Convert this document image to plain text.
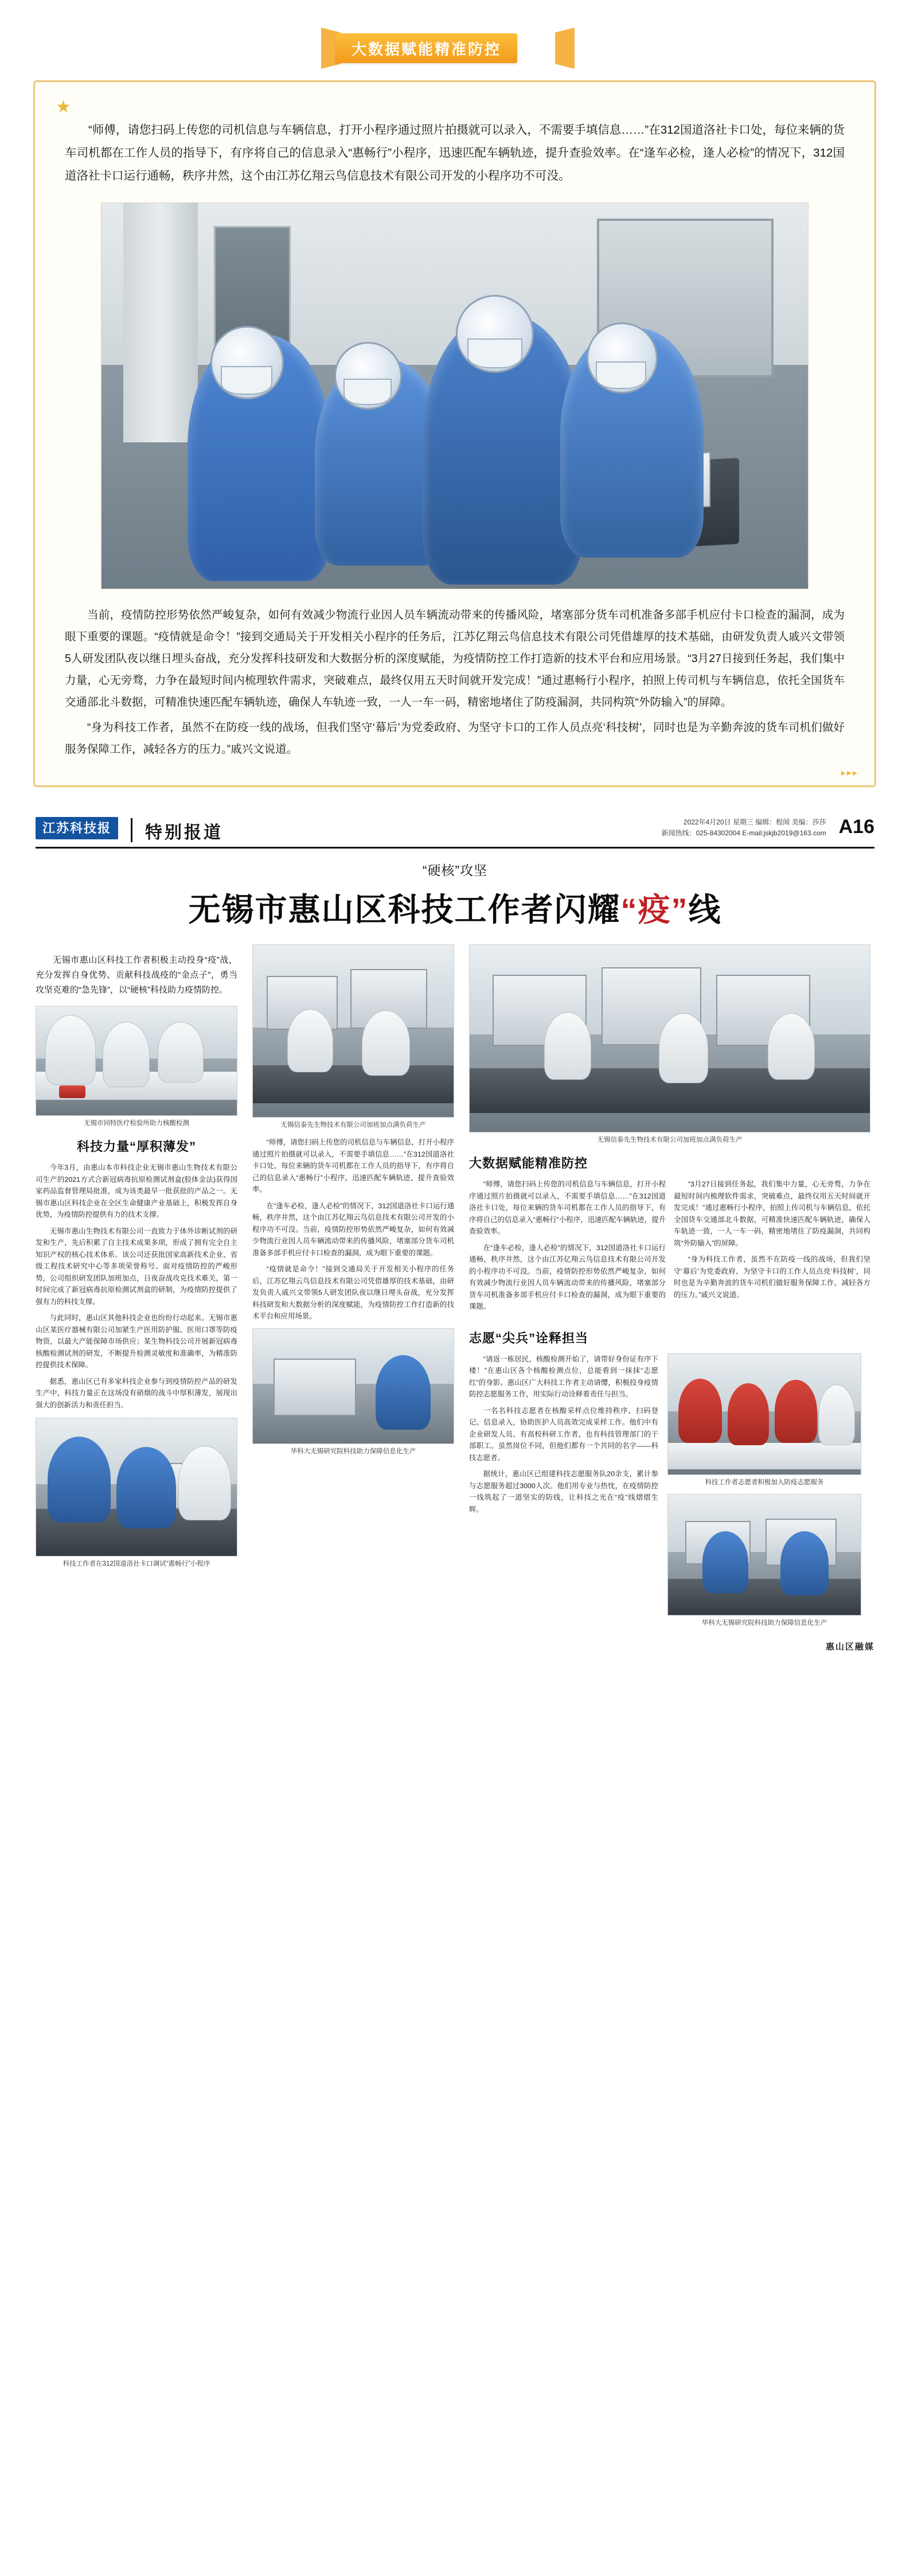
大数据赋能精准防控
★

“师傅，请您扫码上传您的司机信息与车辆信息，打开小程序通过照片拍摄就可以录入，不需要手填信息……”在312国道洛社卡口处，每位来辆的货车司机都在工作人员的指导下，有序将自己的信息录入“惠畅行”小程序，迅速匹配车辆轨迹，提升查验效率。在“逢车必检，逢人必检”的情况下，312国道洛社卡口运行通畅，秩序井然，这个由江苏亿翔云鸟信息技术有限公司开发的小程序功不可没。

当前，疫情防控形势依然严峻复杂，如何有效减少物流行业因人员车辆流动带来的传播风险，堵塞部分货车司机准备多部手机应付卡口检查的漏洞，成为眼下重要的课题。“疫情就是命令！”接到交通局关于开发相关小程序的任务后，江苏亿翔云鸟信息技术有限公司凭借雄厚的技术基础，由研发负责人戚兴文带领5人研发团队夜以继日埋头奋战，充分发挥科技研发和大数据分析的深度赋能，为疫情防控工作打造新的技术平台和应用场景。“3月27日接到任务起，我们集中力量，心无旁骛，力争在最短时间内梳理软件需求，突破难点，最终仅用五天时间就开发完成！”通过惠畅行小程序，拍照上传司机与车辆信息，依托全国货车交通部北斗数据，可精准快速匹配车辆轨迹，确保人车轨迹一致，一人一车一码，精密地堵住了防疫漏洞，共同构筑“外防输入”的屏障。

“身为科技工作者，虽然不在防疫一线的战场，但我们坚守‘幕后’为党委政府、为坚守卡口的工作人员点亮‘科技树’，同时也是为辛勤奔波的货车司机们做好服务保障工作，减轻各方的压力。”戚兴文说道。

▸▸▸
江苏科技报	特别报道
2022年4月20日 星期三 编辑：程闻 美编：莎莎
新闻热线：025-84302004 E-mail:jskjb2019@163.com A16
“硬核”攻坚
无锡市惠山区科技工作者闪耀“疫”线

无锡市惠山区科技工作者积极主动投身“疫”战，充分发挥自身优势、贡献科技战疫的“金点子”，勇当攻坚克难的“急先锋”，以“硬核”科技助力疫情防控。

无锡市同特医疗检验所助力核酸检测
科技力量“厚积薄发”

今年3月，由惠山本市科技企业无锡市惠山生物技术有限公司生产的2021方式合新冠病毒抗原检测试剂盒(胶体金法)获得国家药品监督管理局批准，成为该类最早一批获批的产品之一。无锡市惠山区科技企业在全区生命健康产业基础上，积极发挥自身优势，为疫情防控提供有力的技术支撑。

无锡市惠山生物技术有限公司一直致力于体外诊断试剂的研发和生产，先后积累了自主技术成果多项，形成了拥有完全自主知识产权的核心技术体系。该公司还获批国家高新技术企业、省级工程技术研究中心等多项荣誉称号。面对疫情防控的严峻形势，公司组织研发团队加班加点，日夜奋战攻克技术难关，第一时间完成了新冠病毒抗原检测试剂盒的研制，为疫情防控提供了强有力的科技支撑。

与此同时，惠山区其他科技企业也纷纷行动起来。无锡市惠山区某医疗器械有限公司加紧生产医用防护服、医用口罩等防疫物资，以最大产能保障市场供应；某生物科技公司开展新冠病毒核酸检测试剂的研发，不断提升检测灵敏度和准确率，为精准防控提供技术保障。

据悉，惠山区已有多家科技企业参与到疫情防控产品的研发生产中，科技力量正在这场没有硝烟的战斗中厚积薄发，展现出强大的创新活力和责任担当。

科技工作者在312国道洛社卡口调试“惠畅行”小程序
无锡信泰先生物技术有限公司加班加点满负荷生产

“师傅，请您扫码上传您的司机信息与车辆信息，打开小程序通过照片拍摄就可以录入，不需要手填信息……”在312国道洛社卡口处，每位来辆的货车司机都在工作人员的指导下，有序将自己的信息录入“惠畅行”小程序，迅速匹配车辆轨迹，提升查验效率。

在“逢车必检，逢人必检”的情况下，312国道洛社卡口运行通畅，秩序井然，这个由江苏亿翔云鸟信息技术有限公司开发的小程序功不可没。当前，疫情防控形势依然严峻复杂，如何有效减少物流行业因人员车辆流动带来的传播风险，堵塞部分货车司机准备多部手机应付卡口检查的漏洞，成为眼下重要的课题。

“疫情就是命令！”接到交通局关于开发相关小程序的任务后，江苏亿翔云鸟信息技术有限公司凭借雄厚的技术基础，由研发负责人戚兴文带领5人研发团队夜以继日埋头奋战，充分发挥科技研发和大数据分析的深度赋能，为疫情防控工作打造新的技术平台和应用场景。

华科大无锡研究院科技助力保障信息化生产
无锡信泰先生物技术有限公司加班加点满负荷生产
大数据赋能精准防控

“师傅，请您扫码上传您的司机信息与车辆信息，打开小程序通过照片拍摄就可以录入，不需要手填信息……”在312国道洛社卡口处，每位来辆的货车司机都在工作人员的指导下，有序将自己的信息录入“惠畅行”小程序，迅速匹配车辆轨迹，提升查验效率。

在“逢车必检，逢人必检”的情况下，312国道洛社卡口运行通畅，秩序井然，这个由江苏亿翔云鸟信息技术有限公司开发的小程序功不可没。当前，疫情防控形势依然严峻复杂，如何有效减少物流行业因人员车辆流动带来的传播风险，堵塞部分货车司机准备多部手机应付卡口检查的漏洞，成为眼下重要的课题。

“3月27日接到任务起，我们集中力量，心无旁骛，力争在最短时间内梳理软件需求，突破难点，最终仅用五天时间就开发完成！”通过惠畅行小程序，拍照上传司机与车辆信息，依托全国货车交通部北斗数据，可精准快速匹配车辆轨迹，确保人车轨迹一致，一人一车一码，精密地堵住了防疫漏洞，共同构筑“外防输入”的屏障。

“身为科技工作者，虽然不在防疫一线的战场，但我们坚守‘幕后’为党委政府、为坚守卡口的工作人员点亮‘科技树’，同时也是为辛勤奔波的货车司机们做好服务保障工作，减轻各方的压力。”戚兴文说道。

志愿“尖兵”诠释担当

“请返一栋居民，核酸检测开始了，请带好身份证有序下楼！”在惠山区各个核酸检测点位，总能看到一抹抹“志愿红”的身影。惠山区广大科技工作者主动请缨，积极投身疫情防控志愿服务工作，用实际行动诠释着责任与担当。

一名名科技志愿者在核酸采样点位维持秩序、扫码登记、信息录入，协助医护人员高效完成采样工作。他们中有企业研发人员、有高校科研工作者，也有科技管理部门的干部职工。虽然岗位不同，但他们都有一个共同的名字——科技志愿者。

据统计，惠山区已组建科技志愿服务队20余支，累计参与志愿服务超过3000人次。他们用专业与热忱，在疫情防控一线筑起了一道坚实的防线，让科技之光在“疫”线熠熠生辉。

科技工作者志愿者积极加入防疫志愿服务
华科大无锡研究院科技助力保障信息化生产
惠山区融媒
